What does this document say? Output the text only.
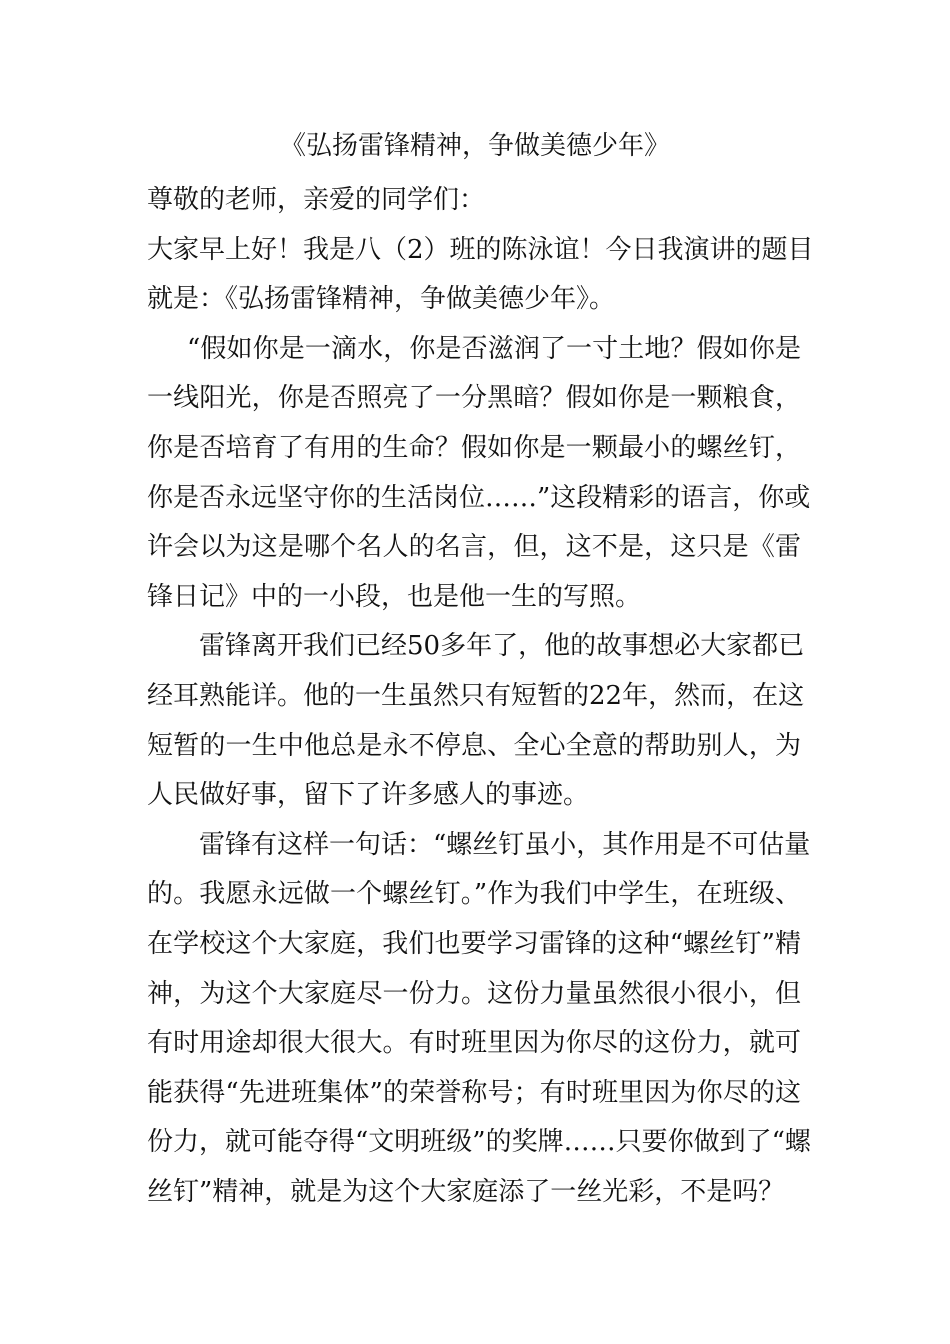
《弘扬雷锋精神，争做美德少年》
尊敬的老师，亲爱的同学们：
大家早上好！我是八（2）班的陈泳谊！今日我演讲的题目
就是：《弘扬雷锋精神，争做美德少年》。
“假如你是一滴水，你是否滋润了一寸土地？假如你是
一线阳光，你是否照亮了一分黑暗？假如你是一颗粮食，
你是否培育了有用的生命？假如你是一颗最小的螺丝钉，
你是否永远坚守你的生活岗位……”这段精彩的语言，你或
许会以为这是哪个名人的名言，但，这不是，这只是《雷
锋日记》中的一小段，也是他一生的写照。
雷锋离开我们已经50多年了，他的故事想必大家都已
经耳熟能详。他的一生虽然只有短暂的22年，然而，在这
短暂的一生中他总是永不停息、全心全意的帮助别人，为
人民做好事，留下了许多感人的事迹。
雷锋有这样一句话：“螺丝钉虽小，其作用是不可估量
的。我愿永远做一个螺丝钉。”作为我们中学生，在班级、
在学校这个大家庭，我们也要学习雷锋的这种“螺丝钉”精
神，为这个大家庭尽一份力。这份力量虽然很小很小，但
有时用途却很大很大。有时班里因为你尽的这份力，就可
能获得“先进班集体”的荣誉称号；有时班里因为你尽的这
份力，就可能夺得“文明班级”的奖牌……只要你做到了“螺
丝钉”精神，就是为这个大家庭添了一丝光彩，不是吗？
